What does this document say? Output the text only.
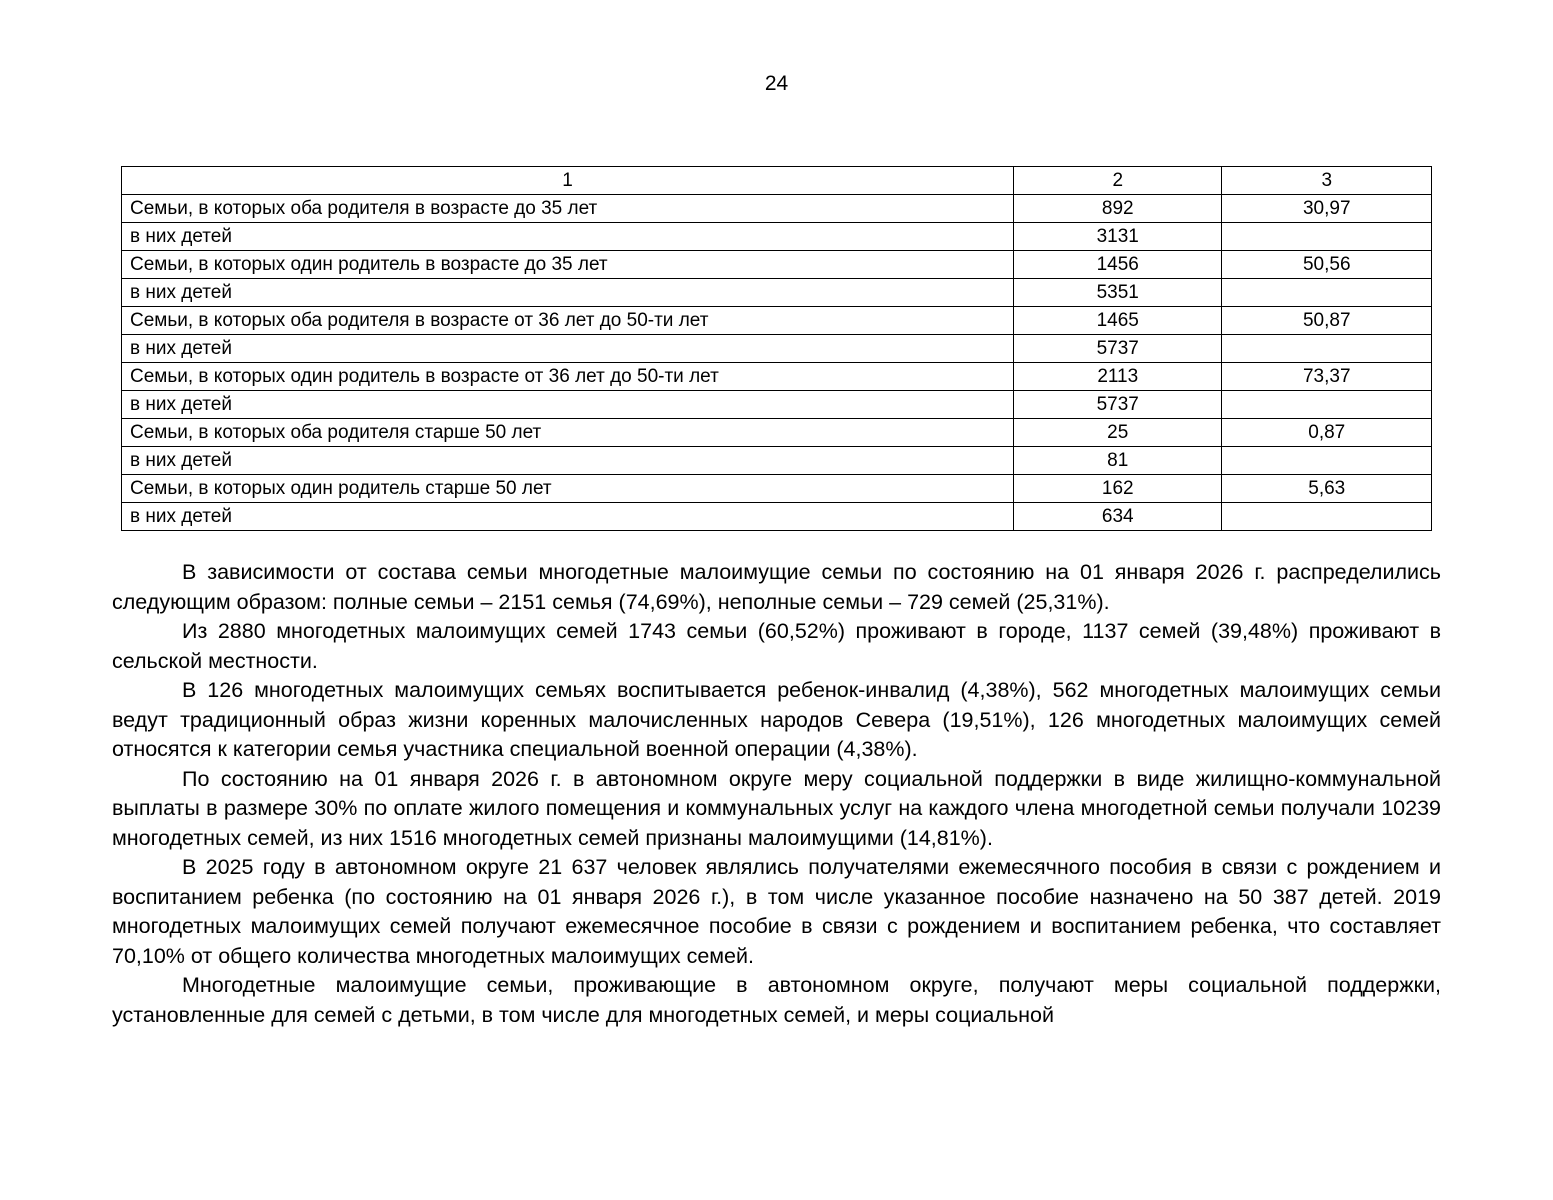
24
1	2	3
Семьи, в которых оба родителя в возрасте до 35 лет	892	30,97
в них детей	3131	
Семьи, в которых один родитель в возрасте до 35 лет	1456	50,56
в них детей	5351	
Семьи, в которых оба родителя в возрасте от 36 лет до 50-ти лет	1465	50,87
в них детей	5737	
Семьи, в которых один родитель в возрасте от 36 лет до 50-ти лет	2113	73,37
в них детей	5737	
Семьи, в которых оба родителя старше 50 лет	25	0,87
в них детей	81	
Семьи, в которых один родитель старше 50 лет	162	5,63
в них детей	634	

В зависимости от состава семьи многодетные малоимущие семьи по состоянию на 01 января 2026 г. распределились следующим образом: полные семьи – 2151 семья (74,69%), неполные семьи – 729 семей (25,31%).

Из 2880 многодетных малоимущих семей 1743 семьи (60,52%) проживают в городе, 1137 семей (39,48%) проживают в сельской местности.

В 126 многодетных малоимущих семьях воспитывается ребенок-инвалид (4,38%), 562 многодетных малоимущих семьи ведут традиционный образ жизни коренных малочисленных народов Севера (19,51%), 126 многодетных малоимущих семей относятся к категории семья участника специальной военной операции (4,38%).

По состоянию на 01 января 2026 г. в автономном округе меру социальной поддержки в виде жилищно-коммунальной выплаты в размере 30% по оплате жилого помещения и коммунальных услуг на каждого члена многодетной семьи получали 10239 многодетных семей, из них 1516 многодетных семей признаны малоимущими (14,81%).

В 2025 году в автономном округе 21 637 человек являлись получателями ежемесячного пособия в связи с рождением и воспитанием ребенка (по состоянию на 01 января 2026 г.), в том числе указанное пособие назначено на 50 387 детей. 2019 многодетных малоимущих семей получают ежемесячное пособие в связи с рождением и воспитанием ребенка, что составляет 70,10% от общего количества многодетных малоимущих семей.

Многодетные малоимущие семьи, проживающие в автономном округе, получают меры социальной поддержки, установленные для семей с детьми, в том числе для многодетных семей, и меры социальной
